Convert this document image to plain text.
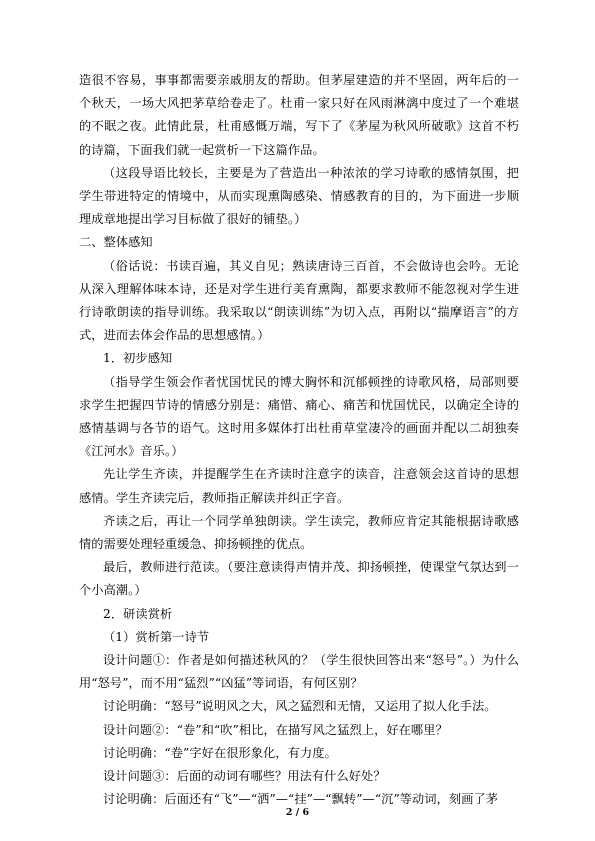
造很不容易，事事都需要亲戚朋友的帮助。但茅屋建造的并不坚固，两年后的一个秋天，一场大风把茅草给卷走了。杜甫一家只好在风雨淋漓中度过了一个难堪的不眠之夜。此情此景，杜甫感慨万端，写下了《茅屋为秋风所破歌》这首不朽的诗篇，下面我们就一起赏析一下这篇作品。

（这段导语比较长，主要是为了营造出一种浓浓的学习诗歌的感情氛围，把学生带进特定的情境中，从而实现熏陶感染、情感教育的目的，为下面进一步顺理成章地提出学习目标做了很好的铺垫。）

二、整体感知

（俗话说：书读百遍，其义自见；熟读唐诗三百首，不会做诗也会吟。无论从深入理解体味本诗，还是对学生进行美育熏陶，都要求教师不能忽视对学生进行诗歌朗读的指导训练。我采取以“朗读训练”为切入点，再附以“揣摩语言”的方式，进而去体会作品的思想感情。）

1．初步感知

（指导学生领会作者忧国忧民的博大胸怀和沉郁顿挫的诗歌风格，局部则要求学生把握四节诗的情感分别是：痛惜、痛心、痛苦和忧国忧民，以确定全诗的感情基调与各节的语气。这时用多媒体打出杜甫草堂凄冷的画面并配以二胡独奏《江河水》音乐。）

先让学生齐读，并提醒学生在齐读时注意字的读音，注意领会这首诗的思想感情。学生齐读完后，教师指正解读并纠正字音。

齐读之后，再让一个同学单独朗读。学生读完，教师应肯定其能根据诗歌感情的需要处理轻重缓急、抑扬顿挫的优点。

最后，教师进行范读。（要注意读得声情并茂、抑扬顿挫，使课堂气氛达到一个小高潮。）

2．研读赏析

（1）赏析第一诗节

设计问题①：作者是如何描述秋风的？（学生很快回答出来“怒号”。）为什么用“怒号”，而不用“猛烈”“凶猛”等词语，有何区别？

讨论明确：“怒号”说明风之大，风之猛烈和无情，又运用了拟人化手法。

设计问题②：“卷”和“吹”相比，在描写风之猛烈上，好在哪里？

讨论明确：“卷”字好在很形象化，有力度。

设计问题③：后面的动词有哪些？用法有什么好处？

讨论明确：后面还有“飞”—“洒”—“挂”—“飘转”—“沉”等动词，刻画了茅

2 / 6
